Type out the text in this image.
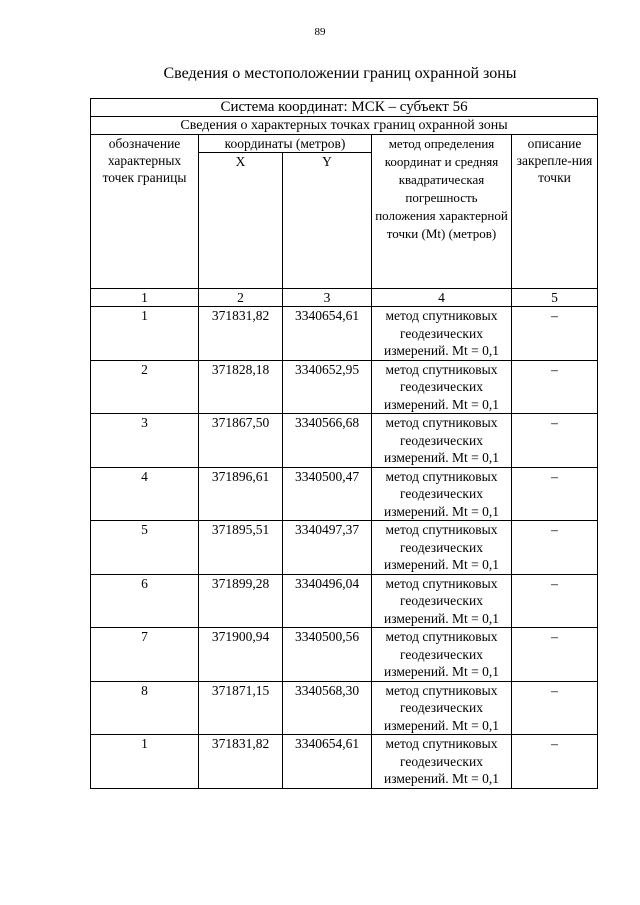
89
Сведения о местоположении границ охранной зоны
Система координат: МСК – субъект 56				
Сведения о характерных точках границ охранной зоны				
обозначение характерных точек границы	координаты (метров)		метод определения координат и средняя квадратическая погрешность положения характерной точки (Mt) (метров)	описание закрепле-ния точки
	X	Y		
1	2	3	4	5
1	371831,82	3340654,61	метод спутниковых геодезических измерений. Mt = 0,1	–
2	371828,18	3340652,95	метод спутниковых геодезических измерений. Mt = 0,1	–
3	371867,50	3340566,68	метод спутниковых геодезических измерений. Mt = 0,1	–
4	371896,61	3340500,47	метод спутниковых геодезических измерений. Mt = 0,1	–
5	371895,51	3340497,37	метод спутниковых геодезических измерений. Mt = 0,1	–
6	371899,28	3340496,04	метод спутниковых геодезических измерений. Mt = 0,1	–
7	371900,94	3340500,56	метод спутниковых геодезических измерений. Mt = 0,1	–
8	371871,15	3340568,30	метод спутниковых геодезических измерений. Mt = 0,1	–
1	371831,82	3340654,61	метод спутниковых геодезических измерений. Mt = 0,1	–
